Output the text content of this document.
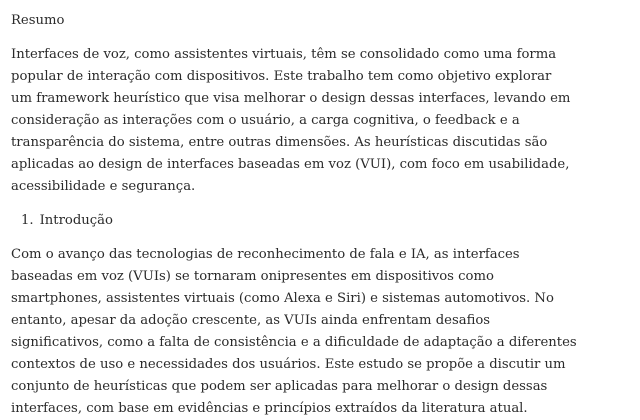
Resumo
Interfaces de voz, como assistentes virtuais, têm se consolidado como uma forma
popular de interação com dispositivos. Este trabalho tem como objetivo explorar
um framework heurístico que visa melhorar o design dessas interfaces, levando em
consideração as interações com o usuário, a carga cognitiva, o feedback e a
transparência do sistema, entre outras dimensões. As heurísticas discutidas são
aplicadas ao design de interfaces baseadas em voz (VUI), com foco em usabilidade,
acessibilidade e segurança.
1. Introdução
Com o avanço das tecnologias de reconhecimento de fala e IA, as interfaces
baseadas em voz (VUIs) se tornaram onipresentes em dispositivos como
smartphones, assistentes virtuais (como Alexa e Siri) e sistemas automotivos. No
entanto, apesar da adoção crescente, as VUIs ainda enfrentam desafios
significativos, como a falta de consistência e a dificuldade de adaptação a diferentes
contextos de uso e necessidades dos usuários. Este estudo se propõe a discutir um
conjunto de heurísticas que podem ser aplicadas para melhorar o design dessas
interfaces, com base em evidências e princípios extraídos da literatura atual.
